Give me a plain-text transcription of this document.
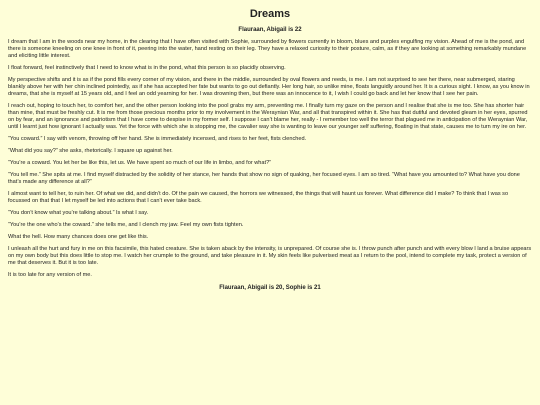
Dreams
Flauraan, Abigail is 22

I dream that I am in the woods near my home, in the clearing that I have often visited with Sophie, surrounded by flowers currently in bloom, blues and purples engulfing my vision. Ahead of me is the pond, and there is someone kneeling on one knee in front of it, peering into the water, hand resting on their leg. They have a relaxed curiosity to their posture, calm, as if they are looking at something remarkably mundane and eliciting little interest.

I float forward, feel instinctively that I need to know what is in the pond, what this person is so placidly observing.

My perspective shifts and it is as if the pond fills every corner of my vision, and there in the middle, surrounded by oval flowers and reeds, is me. I am not surprised to see her there, near submerged, staring blankly above her with her chin inclined pointedly, as if she has accepted her fate but wants to go out defiantly. Her long hair, so unlike mine, floats languidly around her. It is a curious sight. I know, as you know in dreams, that she is myself at 15 years old, and I feel an odd yearning for her. I was drowning then, but there was an innocence to it, I wish I could go back and let her know that I see her pain.

I reach out, hoping to touch her, to comfort her, and the other person looking into the pool grabs my arm, preventing me. I finally turn my gaze on the person and I realise that she is me too. She has shorter hair than mine, that must be freshly cut. It is me from those precious months prior to my involvement in the Weraynian War, and all that transpired within it. She has that dutiful and devoted gleam in her eyes, spurred on by fear, and an ignorance and patriotism that I have come to despise in my former self. I suppose I can’t blame her, really - I remember too well the terror that plagued me in anticipation of the Weraynian War, until I learnt just how ignorant I actually was. Yet the force with which she is stopping me, the cavalier way she is wanting to leave our younger self suffering, floating in that state, causes me to turn my ire on her.

“You coward.” I say with venom, throwing off her hand. She is immediately incensed, and rises to her feet, fists clenched.

“What did you say?” she asks, rhetorically. I square up against her.

“You’re a coward. You let her be like this, let us. We have spent so much of our life in limbo, and for what?”

“You tell me.” She spits at me. I find myself distracted by the solidity of her stance, her hands that show no sign of quaking, her focused eyes. I am so tired. “What have you amounted to? What have you done that’s made any difference at all?”

I almost want to tell her, to ruin her. Of what we did, and didn’t do. Of the pain we caused, the horrors we witnessed, the things that will haunt us forever. What difference did I make? To think that I was so focussed on that that I let myself be led into actions that I can’t ever take back.

“You don’t know what you’re talking about.” Is what I say.

“You’re the one who’s the coward.” she tells me, and I clench my jaw. Feel my own fists tighten.

What the hell. How many chances does one get like this.

I unleash all the hurt and fury in me on this facsimile, this hated creature. She is taken aback by the intensity, is unprepared. Of course she is. I throw punch after punch and with every blow I land a bruise appears on my own body but this does little to stop me. I watch her crumple to the ground, and take pleasure in it. My skin feels like pulverised meat as I return to the pool, intend to complete my task, protect a version of me that deserves it. But it is too late.

It is too late for any version of me.

Flauraan, Abigail is 20, Sophie is 21
